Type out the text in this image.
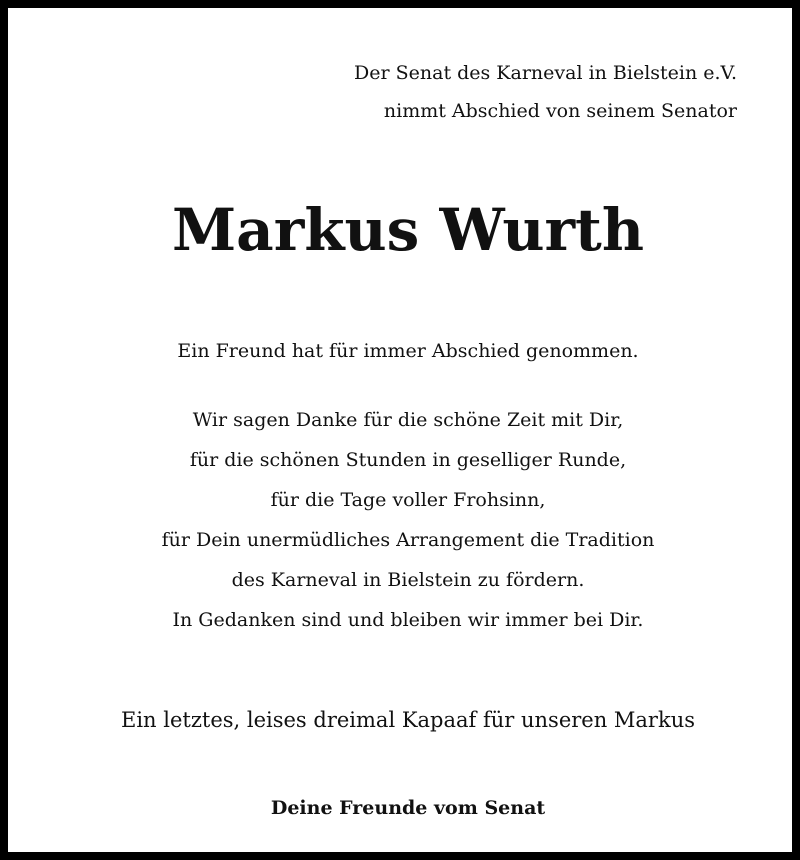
Der Senat des Karneval in Bielstein e.V.
nimmt Abschied von seinem Senator
Markus Wurth
Ein Freund hat für immer Abschied genommen.
Wir sagen Danke für die schöne Zeit mit Dir,
für die schönen Stunden in geselliger Runde,
für die Tage voller Frohsinn,
für Dein unermüdliches Arrangement die Tradition
des Karneval in Bielstein zu fördern.
In Gedanken sind und bleiben wir immer bei Dir.
Ein letztes, leises dreimal Kapaaf für unseren Markus
Deine Freunde vom Senat
